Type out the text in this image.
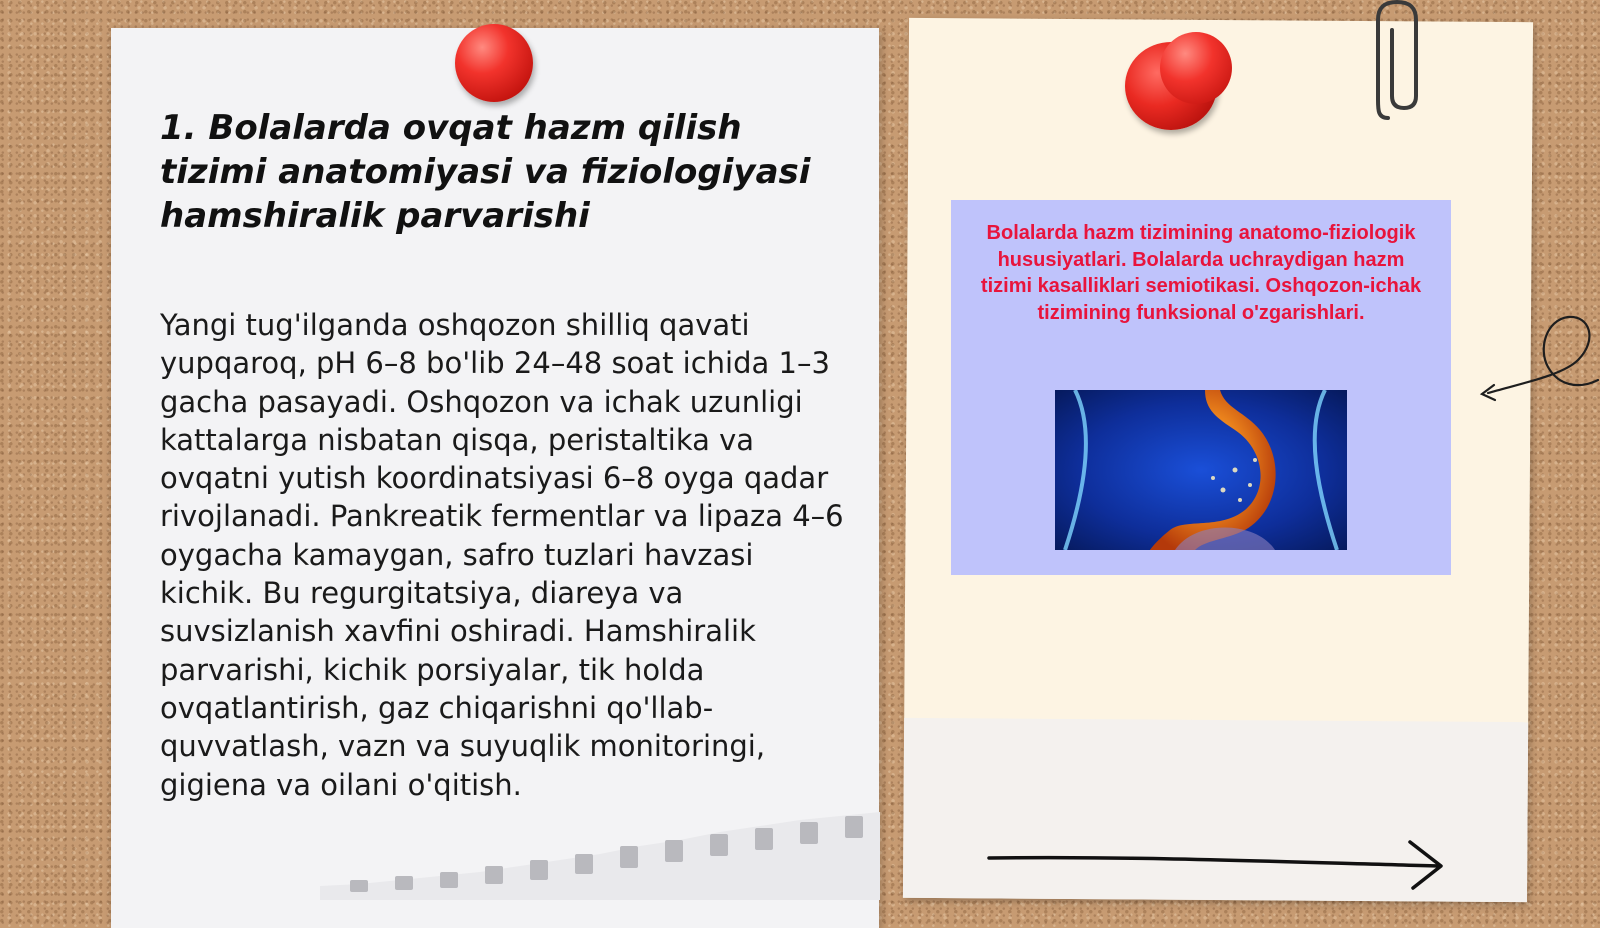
1. Bolalarda ovqat hazm qilish tizimi anatomiyasi va fiziologiyasi hamshiralik parvarishi
Yangi tug'ilganda oshqozon shilliq qavati yupqaroq, pH 6–8 bo'lib 24–48 soat ichida 1–3 gacha pasayadi. Oshqozon va ichak uzunligi kattalarga nisbatan qisqa, peristaltika va ovqatni yutish koordinatsiyasi 6–8 oyga qadar rivojlanadi. Pankreatik fermentlar va lipaza 4–6 oygacha kamaygan, safro tuzlari havzasi kichik. Bu regurgitatsiya, diareya va suvsizlanish xavfini oshiradi. Hamshiralik parvarishi, kichik porsiyalar, tik holda ovqatlantirish, gaz chiqarishni qo'llab-quvvatlash, vazn va suyuqlik monitoringi, gigiena va oilani o'qitish.
Bolalarda hazm tizimining anatomo-fiziologik hususiyatlari. Bolalarda uchraydigan hazm tizimi kasalliklari semiotikasi. Oshqozon-ichak tizimining funksional o'zgarishlari.
